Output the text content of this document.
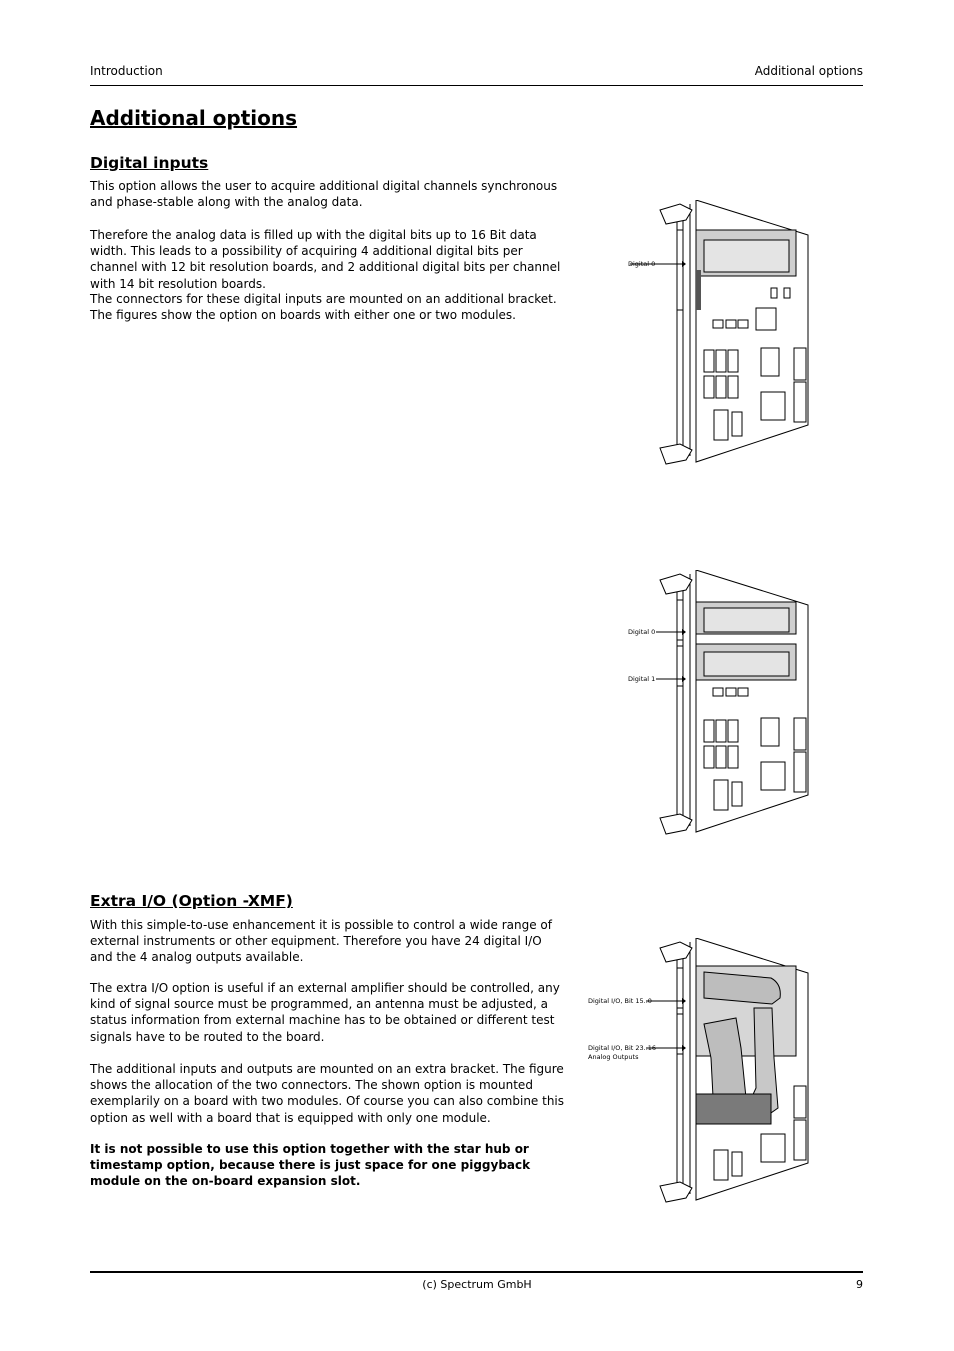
Introduction	Additional options
Additional options
Digital inputs

This option allows the user to acquire additional digital channels synchronous and phase-stable along with the analog data.

Therefore the analog data is filled up with the digital bits up to 16 Bit data width. This leads to a possibility of acquiring 4 additional digital bits per channel with 12 bit resolution boards, and 2 additional digital bits per channel with 14 bit resolution boards.

The connectors for these digital inputs are mounted on an additional bracket. The figures show the option on boards with either one or two modules.

Digital 0
Digital 0
Digital 1
Extra I/O (Option -XMF)

With this simple-to-use enhancement it is possible to control a wide range of external instruments or other equipment. Therefore you have 24 digital I/O and the 4 analog outputs available.

The extra I/O option is useful if an external amplifier should be controlled, any kind of signal source must be programmed, an antenna must be adjusted, a status information from external machine has to be obtained or different test signals have to be routed to the board.

The additional inputs and outputs are mounted on an extra bracket. The figure shows the allocation of the two connectors. The shown option is mounted exemplarily on a board with two modules. Of course you can also combine this option as well with a board that is equipped with only one module.

It is not possible to use this option together with the star hub or timestamp option, because there is just space for one piggyback module on the on-board expansion slot.

Digital I/O, Bit 15..0
Digital I/O, Bit 23..16
Analog Outputs
(c) Spectrum GmbH	9
